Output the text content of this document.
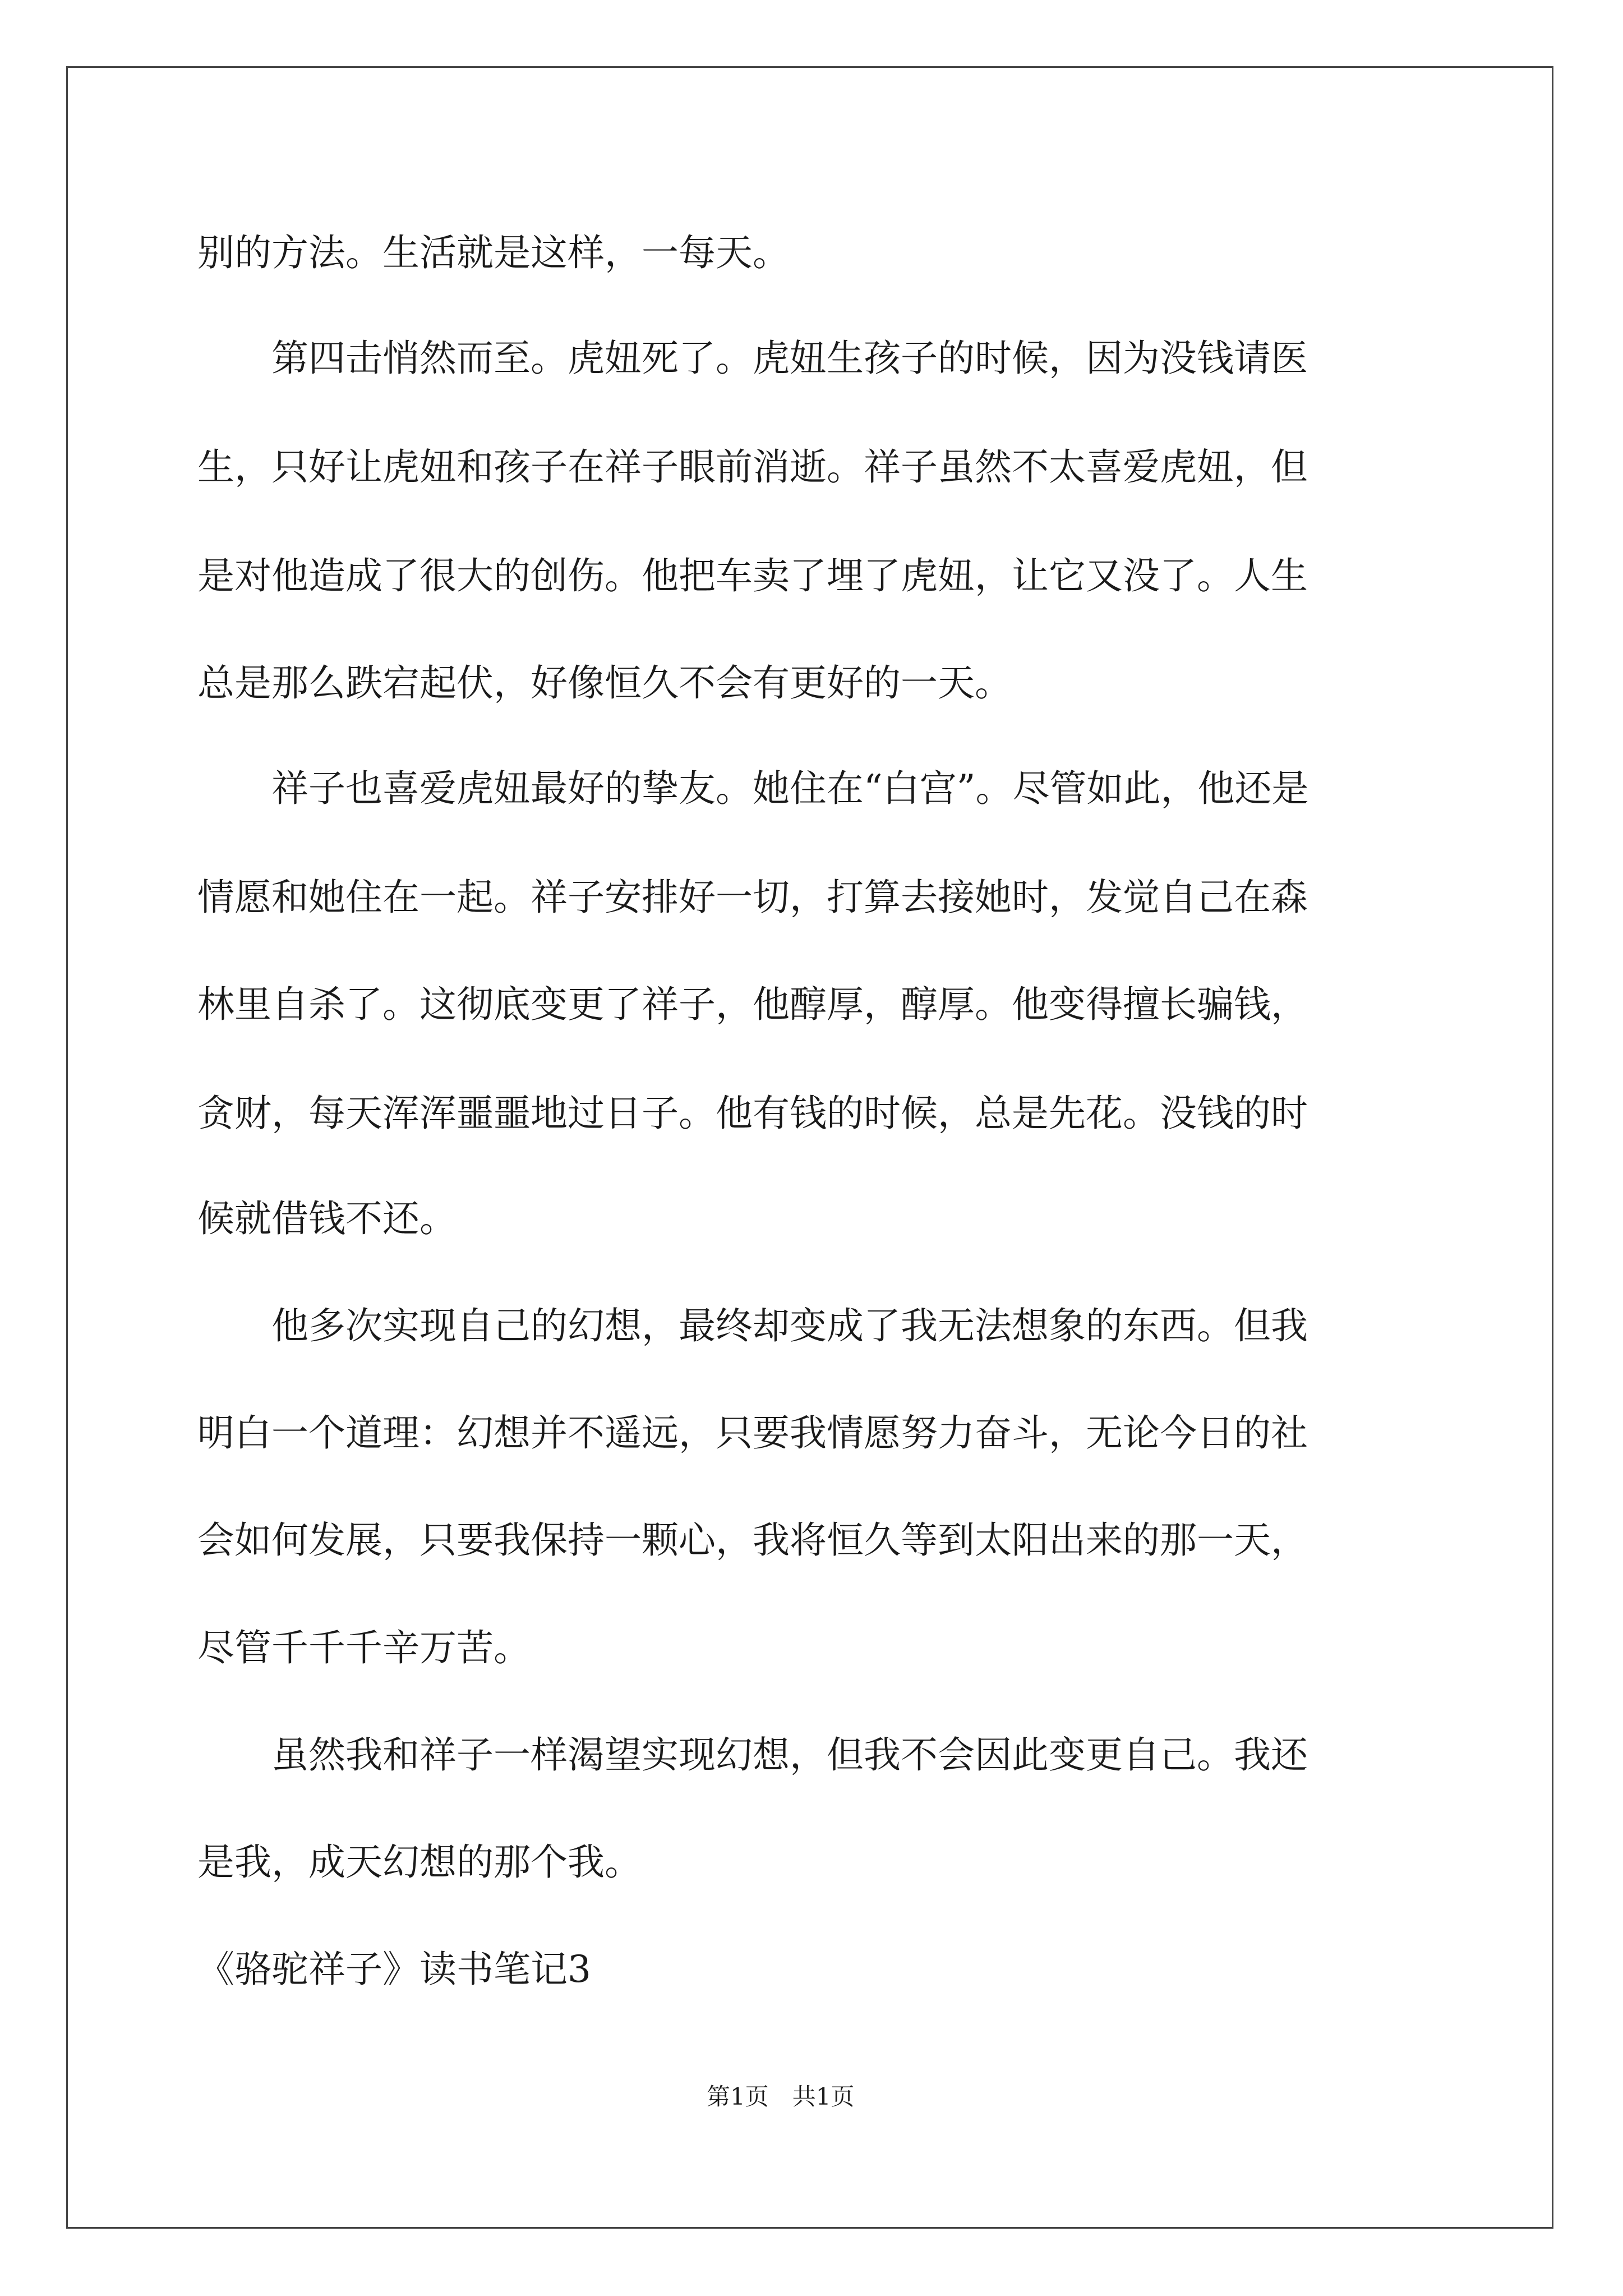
别的方法。生活就是这样，一每天。
　　第四击悄然而至。虎妞死了。虎妞生孩子的时候，因为没钱请医
生，只好让虎妞和孩子在祥子眼前消逝。祥子虽然不太喜爱虎妞，但
是对他造成了很大的创伤。他把车卖了埋了虎妞，让它又没了。人生
总是那么跌宕起伏，好像恒久不会有更好的一天。
　　祥子也喜爱虎妞最好的挚友。她住在“白宫”。尽管如此，他还是
情愿和她住在一起。祥子安排好一切，打算去接她时，发觉自己在森
林里自杀了。这彻底变更了祥子，他醇厚，醇厚。他变得擅长骗钱，
贪财，每天浑浑噩噩地过日子。他有钱的时候，总是先花。没钱的时
候就借钱不还。
　　他多次实现自己的幻想，最终却变成了我无法想象的东西。但我
明白一个道理：幻想并不遥远，只要我情愿努力奋斗，无论今日的社
会如何发展，只要我保持一颗心，我将恒久等到太阳出来的那一天，
尽管千千千辛万苦。
　　虽然我和祥子一样渴望实现幻想，但我不会因此变更自己。我还
是我，成天幻想的那个我。
《骆驼祥子》读书笔记3
第1页　共1页
